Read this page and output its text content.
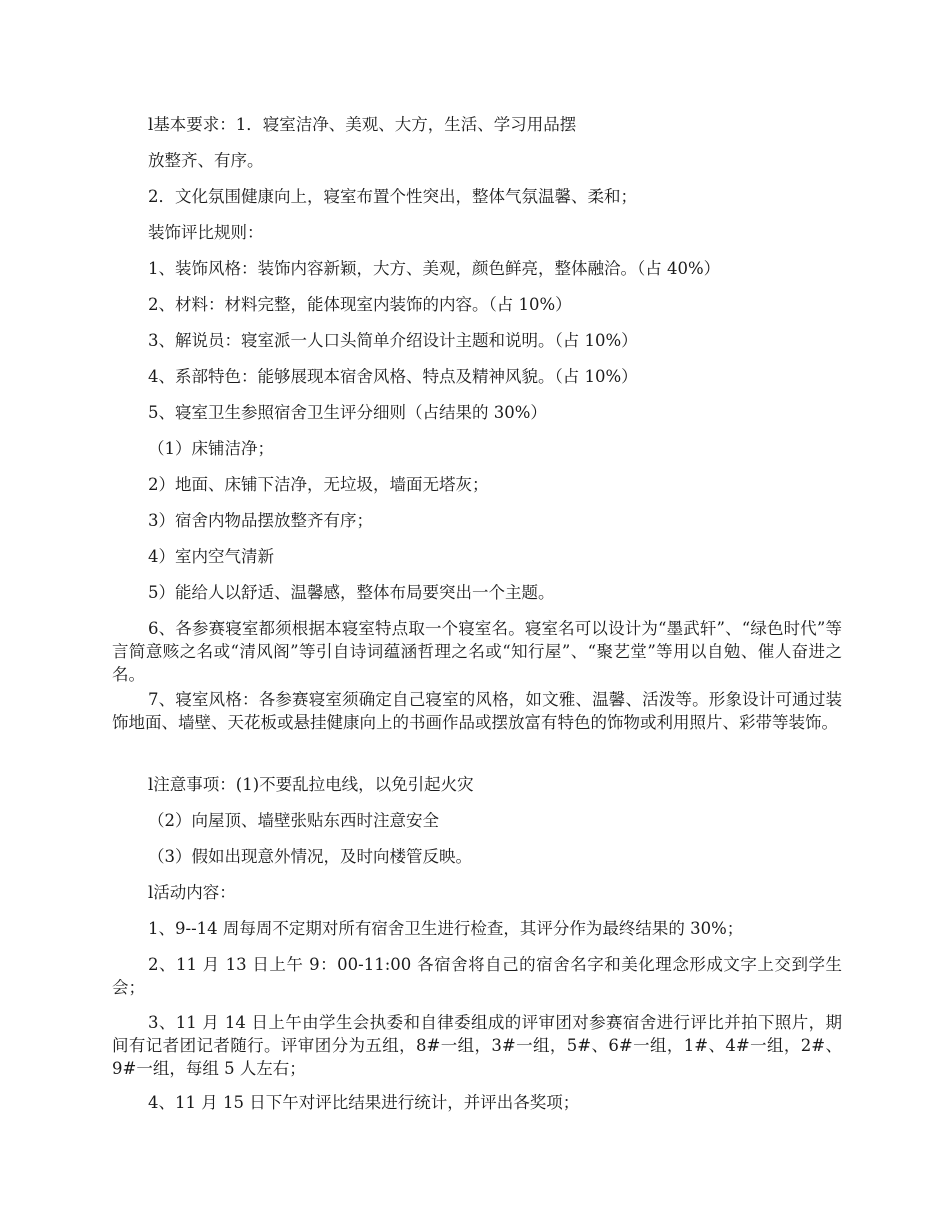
l基本要求：1．寝室洁净、美观、大方，生活、学习用品摆
放整齐、有序。
2．文化氛围健康向上，寝室布置个性突出，整体气氛温馨、柔和；
装饰评比规则：
1、装饰风格：装饰内容新颖，大方、美观，颜色鲜亮，整体融洽。（占 40%）
2、材料：材料完整，能体现室内装饰的内容。（占 10%）
3、解说员：寝室派一人口头简单介绍设计主题和说明。（占 10%）
4、系部特色：能够展现本宿舍风格、特点及精神风貌。（占 10%）
5、寝室卫生参照宿舍卫生评分细则（占结果的 30%）
（1）床铺洁净；
2）地面、床铺下洁净，无垃圾，墙面无塔灰；
3）宿舍内物品摆放整齐有序；
4）室内空气清新
5）能给人以舒适、温馨感，整体布局要突出一个主题。
6、各参赛寝室都须根据本寝室特点取一个寝室名。寝室名可以设计为“墨武轩”、“绿色时代”等言简意赅之名或“清风阁”等引自诗词蕴涵哲理之名或“知行屋”、“聚艺堂”等用以自勉、催人奋进之名。
7、寝室风格：各参赛寝室须确定自己寝室的风格，如文雅、温馨、活泼等。形象设计可通过装饰地面、墙壁、天花板或悬挂健康向上的书画作品或摆放富有特色的饰物或利用照片、彩带等装饰。
l注意事项：(1)不要乱拉电线，以免引起火灾
（2）向屋顶、墙壁张贴东西时注意安全
（3）假如出现意外情况，及时向楼管反映。
l活动内容：
1、9--14 周每周不定期对所有宿舍卫生进行检查，其评分作为最终结果的 30%；
2、11 月 13 日上午 9：00-11:00 各宿舍将自己的宿舍名字和美化理念形成文字上交到学生会；
3、11 月 14 日上午由学生会执委和自律委组成的评审团对参赛宿舍进行评比并拍下照片，期间有记者团记者随行。评审团分为五组，8#一组，3#一组，5#、6#一组，1#、4#一组，2#、9#一组，每组 5 人左右；
4、11 月 15 日下午对评比结果进行统计，并评出各奖项；
